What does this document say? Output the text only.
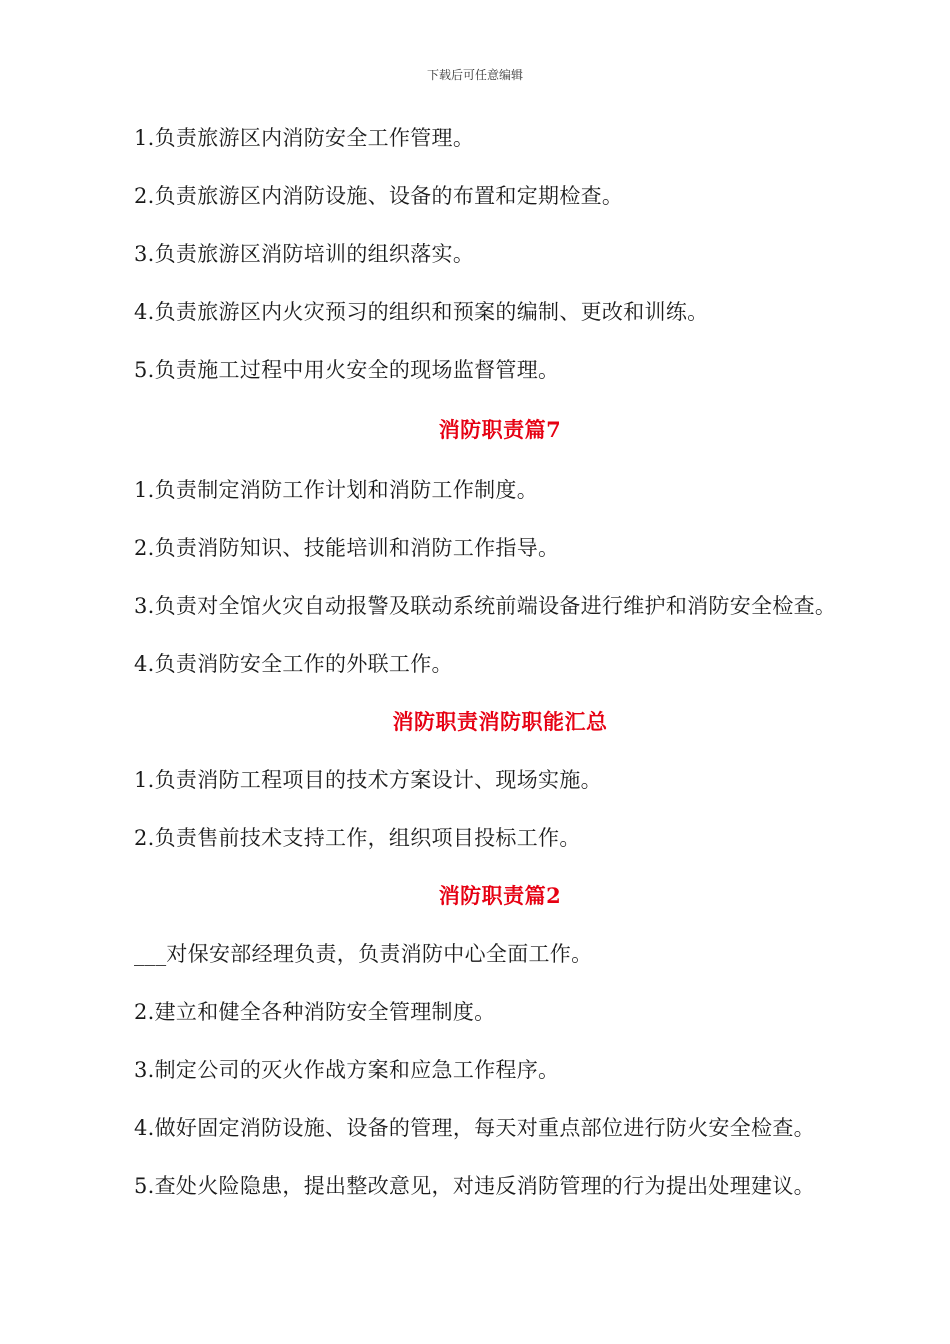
下载后可任意编辑
1.负责旅游区内消防安全工作管理。
2.负责旅游区内消防设施、设备的布置和定期检查。
3.负责旅游区消防培训的组织落实。
4.负责旅游区内火灾预习的组织和预案的编制、更改和训练。
5.负责施工过程中用火安全的现场监督管理。
消防职责篇7
1.负责制定消防工作计划和消防工作制度。
2.负责消防知识、技能培训和消防工作指导。
3.负责对全馆火灾自动报警及联动系统前端设备进行维护和消防安全检查。
4.负责消防安全工作的外联工作。
消防职责消防职能汇总
1.负责消防工程项目的技术方案设计、现场实施。
2.负责售前技术支持工作，组织项目投标工作。
消防职责篇2
___对保安部经理负责，负责消防中心全面工作。
2.建立和健全各种消防安全管理制度。
3.制定公司的灭火作战方案和应急工作程序。
4.做好固定消防设施、设备的管理，每天对重点部位进行防火安全检查。
5.查处火险隐患，提出整改意见，对违反消防管理的行为提出处理建议。
